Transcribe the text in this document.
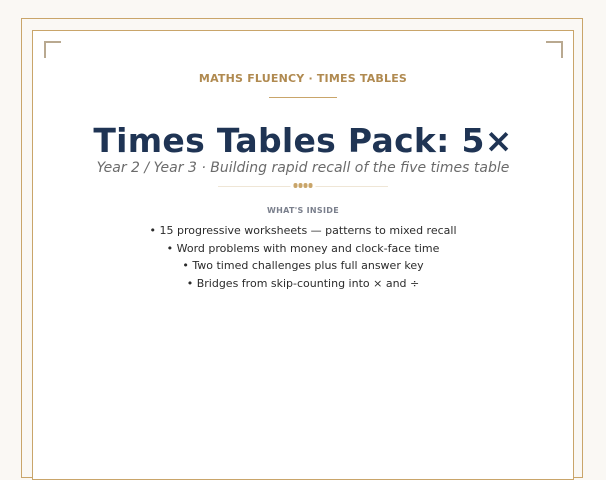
MATHS FLUENCY · TIMES TABLES
Times Tables Pack: 5×
Year 2 / Year 3 · Building rapid recall of the five times table
WHAT'S INSIDE
• 15 progressive worksheets — patterns to mixed recall
• Word problems with money and clock-face time
• Two timed challenges plus full answer key
• Bridges from skip-counting into × and ÷
